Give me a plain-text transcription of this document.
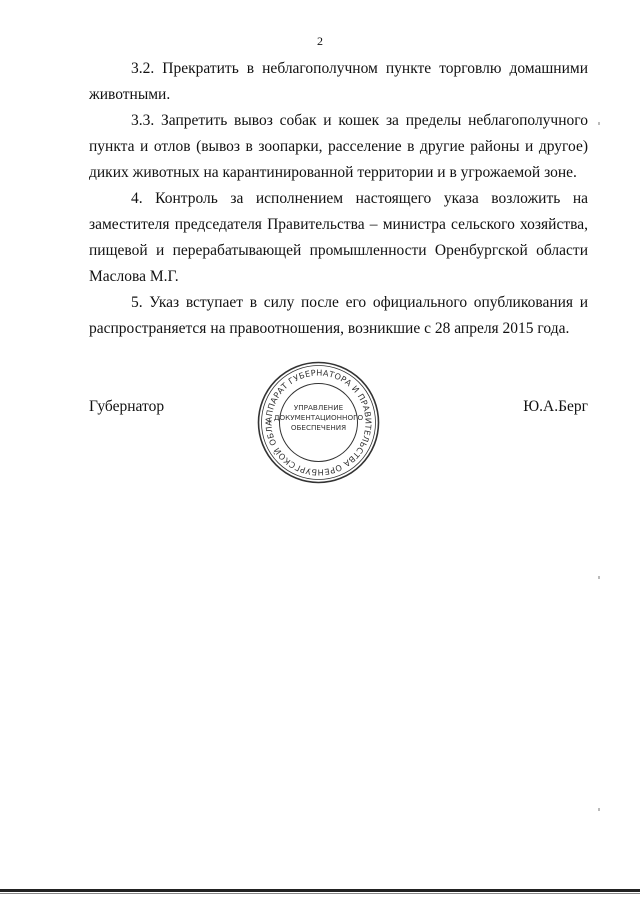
2

3.2. Прекратить в неблагополучном пункте торговлю домашними
животными.

3.3. Запретить вывоз собак и кошек за пределы неблагополучного
пункта и отлов (вывоз в зоопарки, расселение в другие районы и другое)
диких животных на карантинированной территории и в угрожаемой зоне.

4. Контроль за исполнением настоящего указа возложить на
заместителя председателя Правительства – министра сельского хозяйства,
пищевой и перерабатывающей промышленности Оренбургской области
Маслова М.Г.

5. Указ вступает в силу после его официального опубликования и
распространяется на правоотношения, возникшие с 28 апреля 2015 года.

Губернатор	Ю.А.Берг
АППАРАТ ГУБЕРНАТОРА И ПРАВИТЕЛЬСТВА ОРЕНБУРГСКОЙ ОБЛА
УПРАВЛЕНИЕ
ДОКУМЕНТАЦИОННОГО
ОБЕСПЕЧЕНИЯ
